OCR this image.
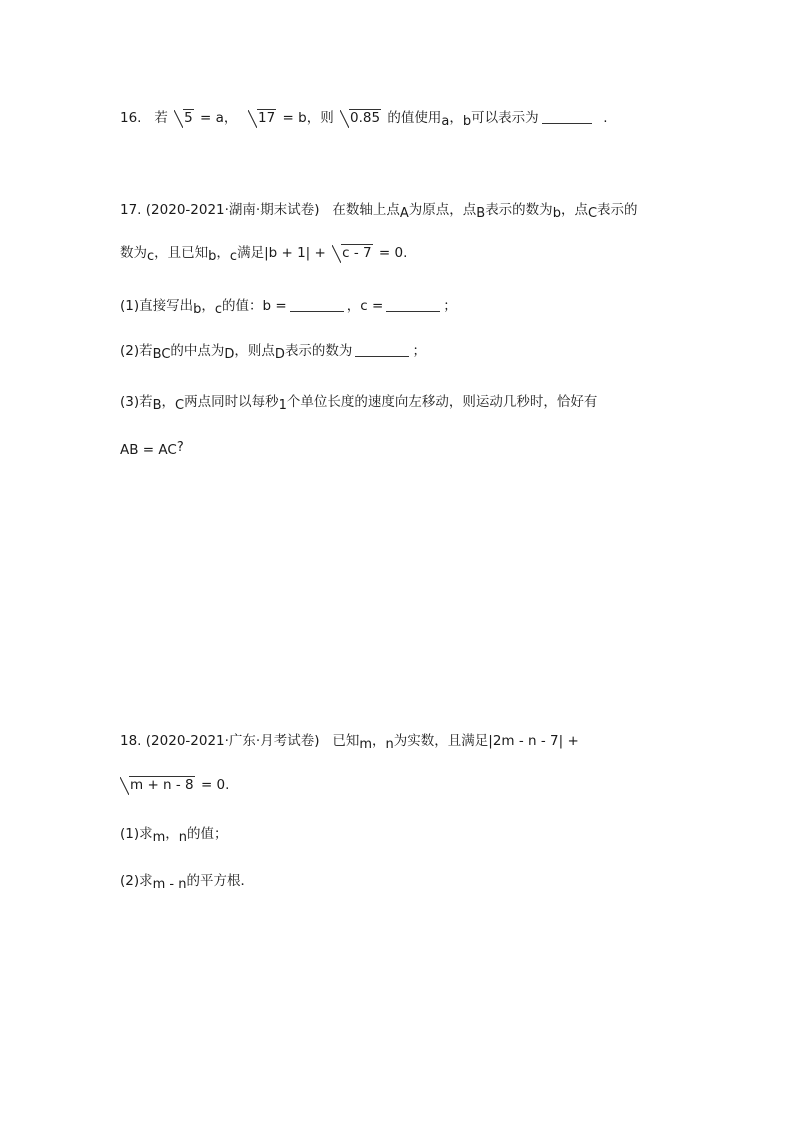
16. 若 5 = a， 17 = b，则 0.85 的值使用a，b可以表示为	.
17. (2020-2021·湖南·期末试卷) 在数轴上点A为原点，点B表示的数为b，点C表示的
数为c，且已知b，c满足|b + 1| + c - 7 = 0.
(1)直接写出b，c的值：b =	，c =	；
(2)若BC的中点为D，则点D表示的数为	；
(3)若B，C两点同时以每秒1个单位长度的速度向左移动，则运动几秒时，恰好有
AB = AC?
18. (2020-2021·广东·月考试卷) 已知m，n为实数，且满足|2m - n - 7| +
m + n - 8 = 0.
(1)求m，n的值；
(2)求m - n的平方根．
